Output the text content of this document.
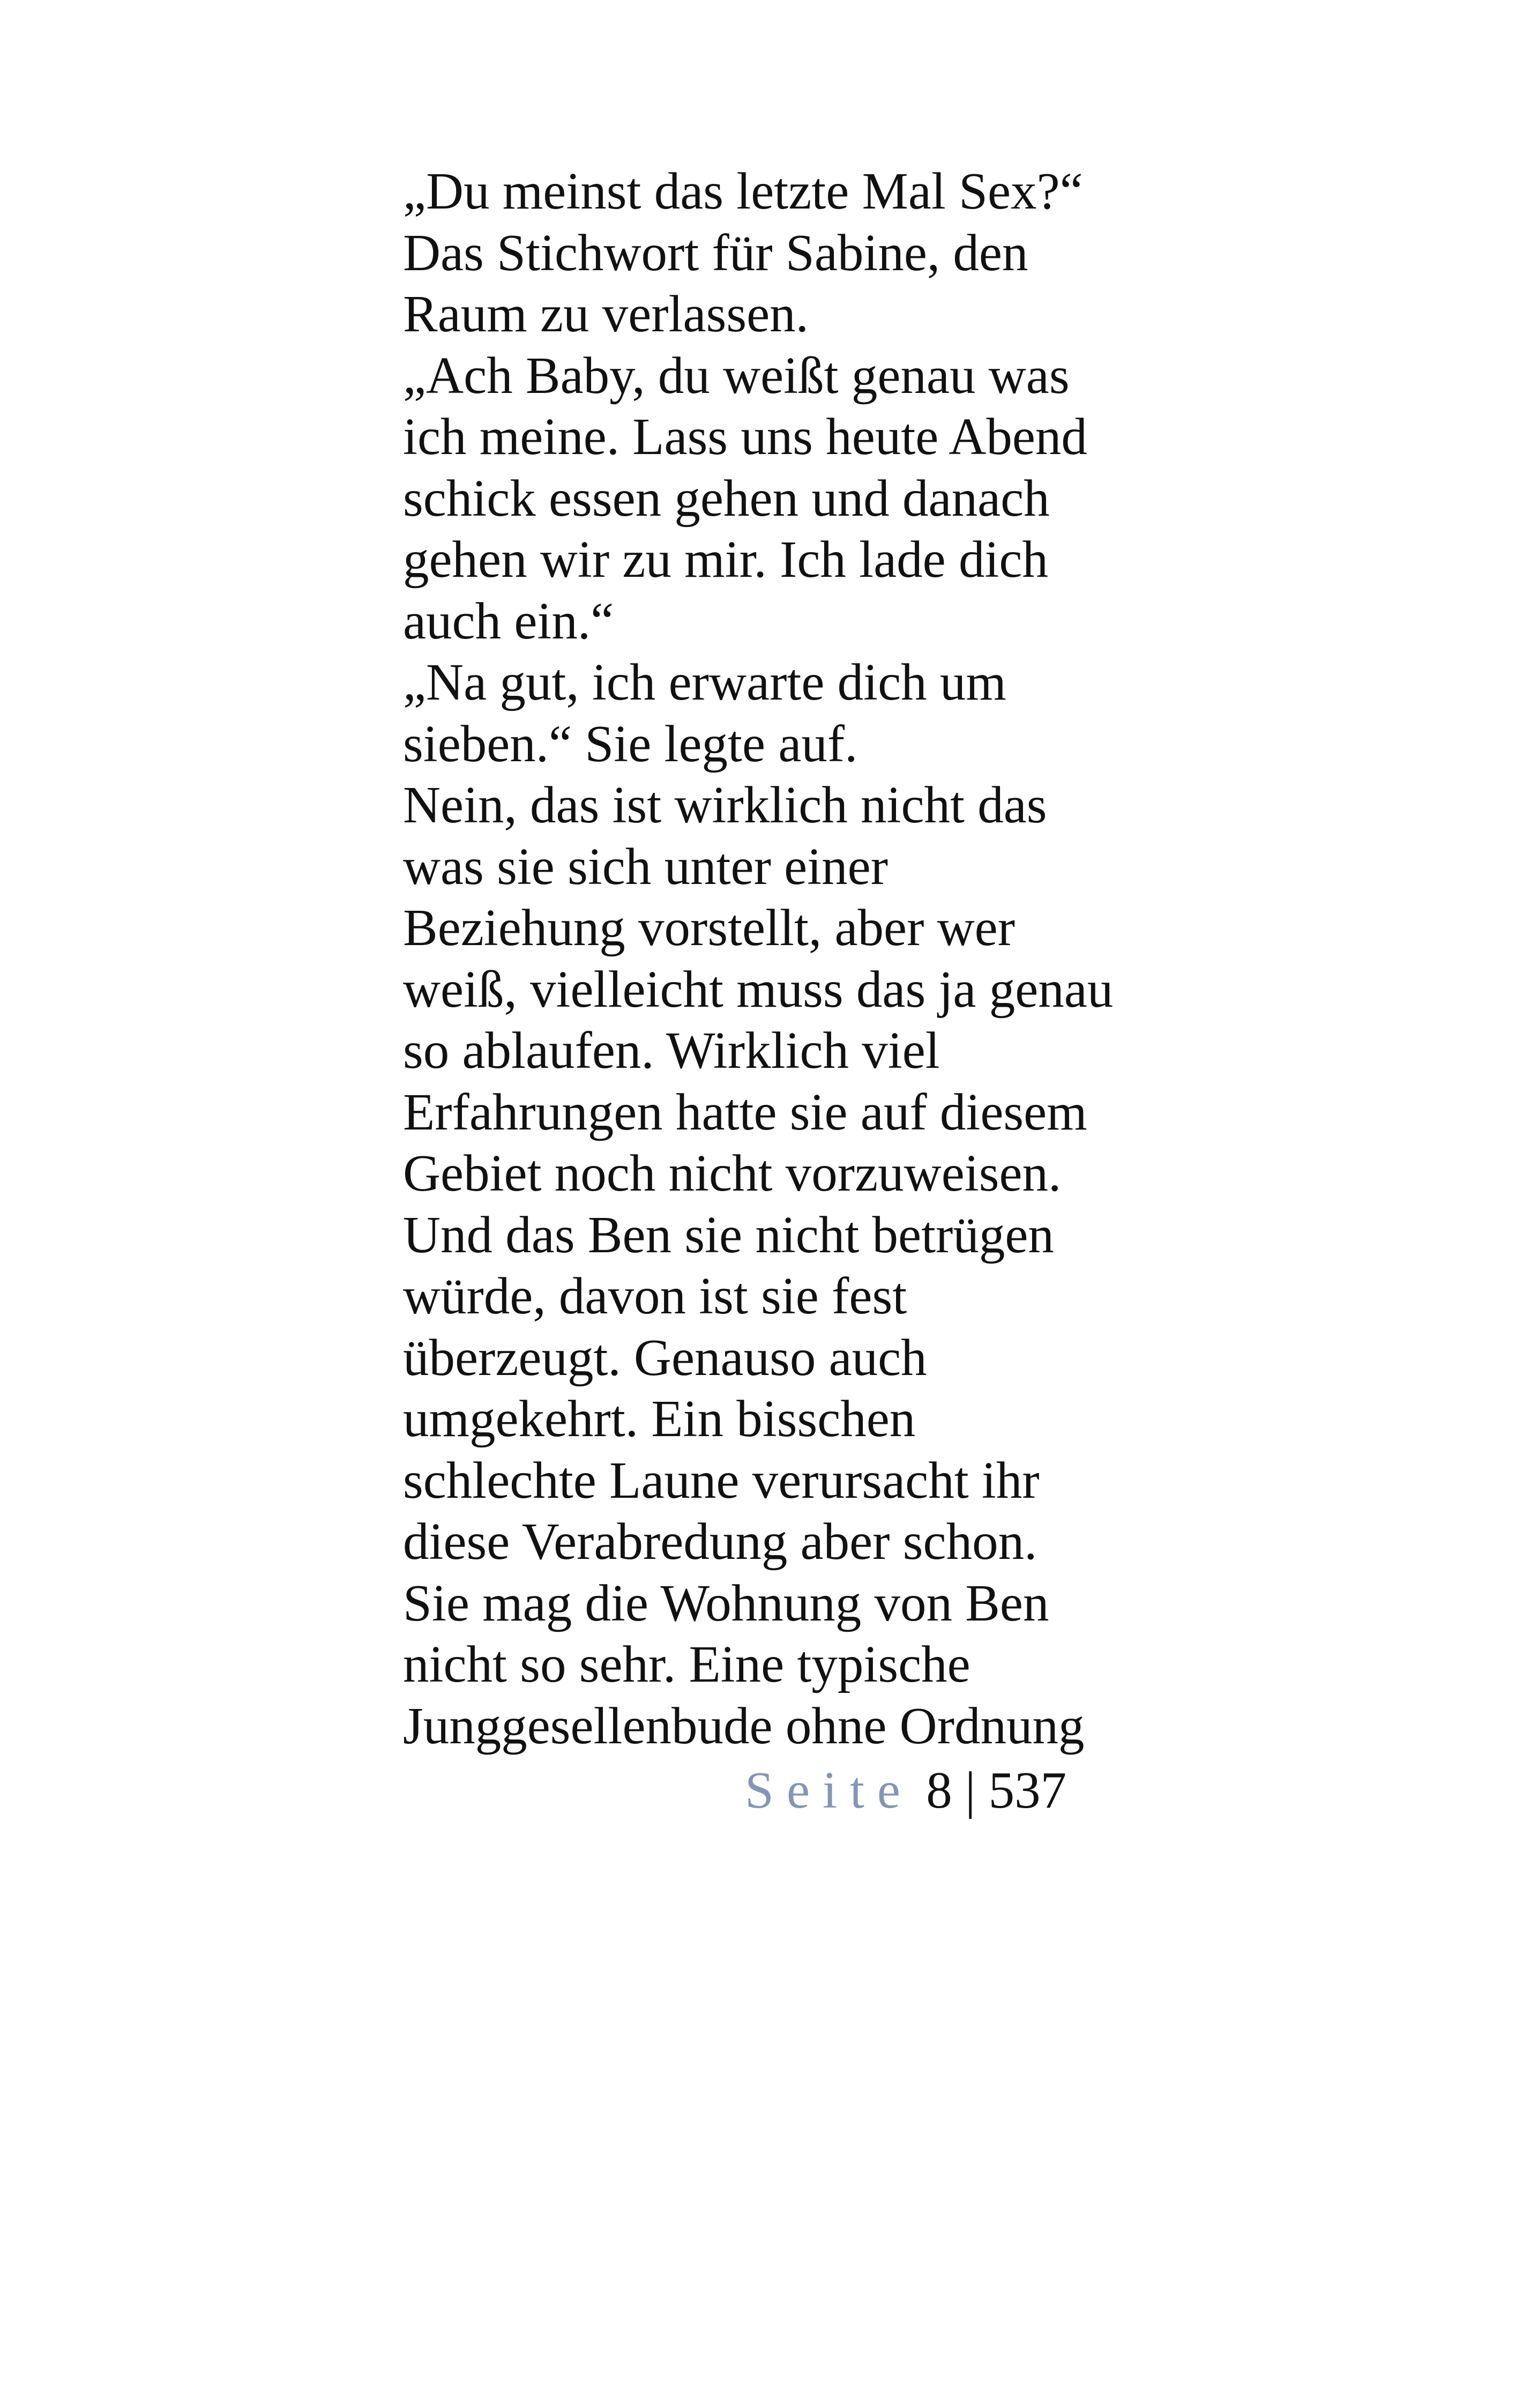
„Du meinst das letzte Mal Sex?“
Das Stichwort für Sabine, den
Raum zu verlassen.
„Ach Baby, du weißt genau was
ich meine. Lass uns heute Abend
schick essen gehen und danach
gehen wir zu mir. Ich lade dich
auch ein.“
„Na gut, ich erwarte dich um
sieben.“ Sie legte auf.
Nein, das ist wirklich nicht das
was sie sich unter einer
Beziehung vorstellt, aber wer
weiß, vielleicht muss das ja genau
so ablaufen. Wirklich viel
Erfahrungen hatte sie auf diesem
Gebiet noch nicht vorzuweisen.
Und das Ben sie nicht betrügen
würde, davon ist sie fest
überzeugt. Genauso auch
umgekehrt. Ein bisschen
schlechte Laune verursacht ihr
diese Verabredung aber schon.
Sie mag die Wohnung von Ben
nicht so sehr. Eine typische
Junggesellenbude ohne Ordnung
Seite 8 | 537
